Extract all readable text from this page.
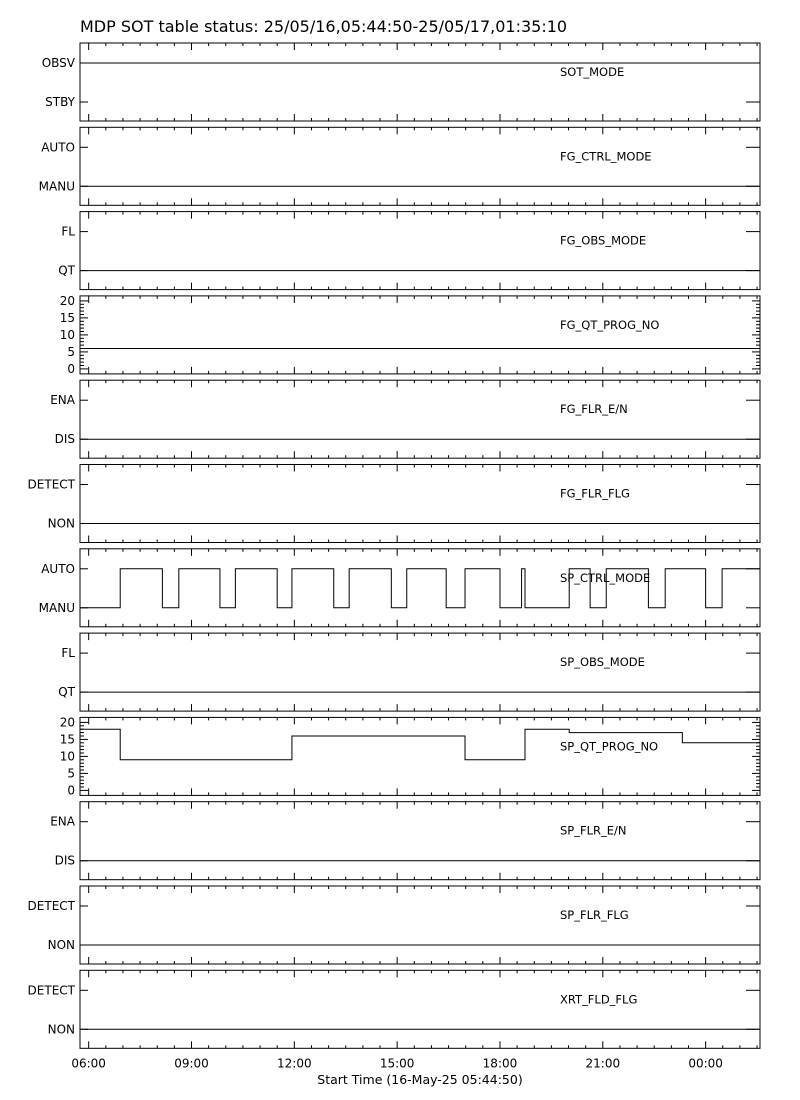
MDP SOT table status: 25/05/16,05:44:50-25/05/17,01:35:10
OBSV
STBY
SOT_MODE
AUTO
MANU
FG_CTRL_MODE
FL
QT
FG_OBS_MODE
20
15
10
5
0
FG_QT_PROG_NO
ENA
DIS
FG_FLR_E/N
DETECT
NON
FG_FLR_FLG
AUTO
MANU
SP_CTRL_MODE
FL
QT
SP_OBS_MODE
20
15
10
5
0
SP_QT_PROG_NO
ENA
DIS
SP_FLR_E/N
DETECT
NON
SP_FLR_FLG
DETECT
NON
XRT_FLD_FLG
06:00	09:00	12:00	15:00	18:00	21:00	00:00
Start Time (16-May-25 05:44:50)
